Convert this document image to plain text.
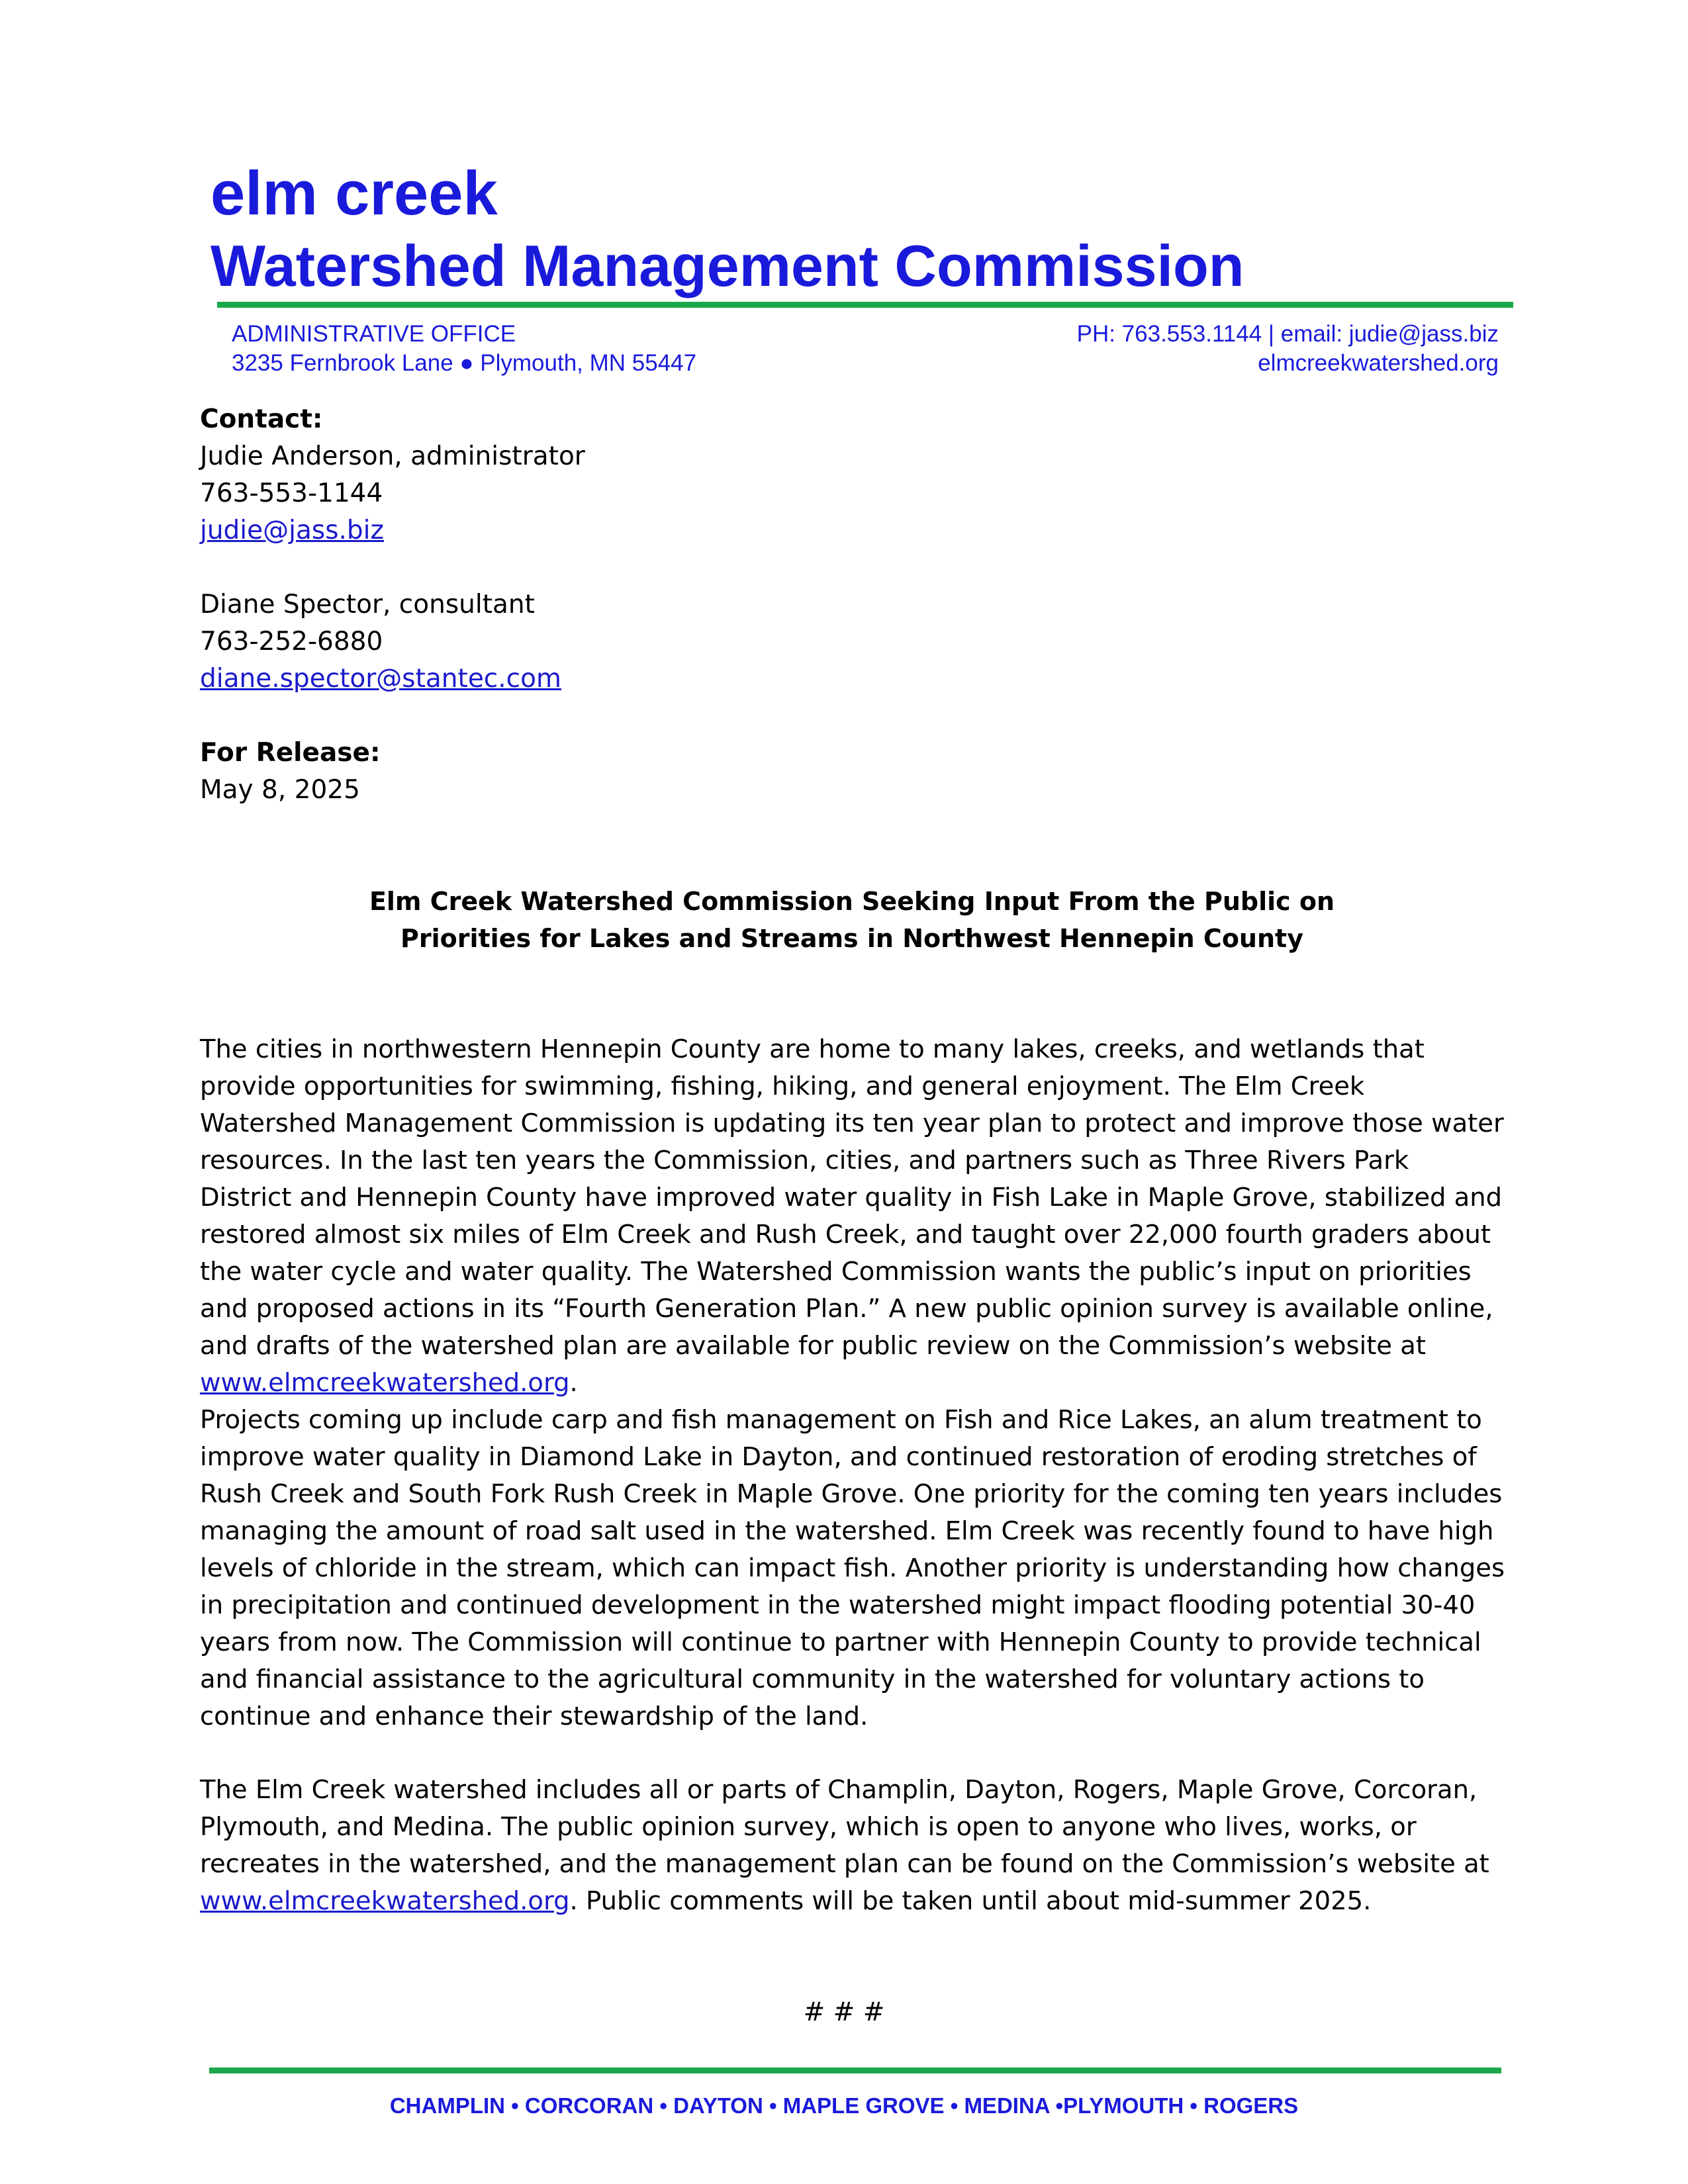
elm creek
Watershed Management Commission
ADMINISTRATIVE OFFICE
3235 Fernbrook Lane ● Plymouth, MN 55447
PH: 763.553.1144 | email: judie@jass.biz
elmcreekwatershed.org
Contact:
Judie Anderson, administrator
763-553-1144
judie@jass.biz
Diane Spector, consultant
763-252-6880
diane.spector@stantec.com
For Release:
May 8, 2025
Elm Creek Watershed Commission Seeking Input From the Public on
Priorities for Lakes and Streams in Northwest Hennepin County
The cities in northwestern Hennepin County are home to many lakes, creeks, and wetlands that provide opportunities for swimming, fishing, hiking, and general enjoyment. The Elm Creek Watershed Management Commission is updating its ten year plan to protect and improve those water resources. In the last ten years the Commission, cities, and partners such as Three Rivers Park District and Hennepin County have improved water quality in Fish Lake in Maple Grove, stabilized and restored almost six miles of Elm Creek and Rush Creek, and taught over 22,000 fourth graders about the water cycle and water quality. The Watershed Commission wants the public’s input on priorities and proposed actions in its “Fourth Generation Plan.” A new public opinion survey is available online, and drafts of the watershed plan are available for public review on the Commission’s website at www.elmcreekwatershed.org.
Projects coming up include carp and fish management on Fish and Rice Lakes, an alum treatment to improve water quality in Diamond Lake in Dayton, and continued restoration of eroding stretches of Rush Creek and South Fork Rush Creek in Maple Grove. One priority for the coming ten years includes managing the amount of road salt used in the watershed. Elm Creek was recently found to have high levels of chloride in the stream, which can impact fish. Another priority is understanding how changes in precipitation and continued development in the watershed might impact flooding potential 30-40 years from now. The Commission will continue to partner with Hennepin County to provide technical and financial assistance to the agricultural community in the watershed for voluntary actions to continue and enhance their stewardship of the land.
The Elm Creek watershed includes all or parts of Champlin, Dayton, Rogers, Maple Grove, Corcoran, Plymouth, and Medina. The public opinion survey, which is open to anyone who lives, works, or recreates in the watershed, and the management plan can be found on the Commission’s website at www.elmcreekwatershed.org. Public comments will be taken until about mid-summer 2025.
# # #
CHAMPLIN • CORCORAN • DAYTON • MAPLE GROVE • MEDINA •PLYMOUTH • ROGERS
